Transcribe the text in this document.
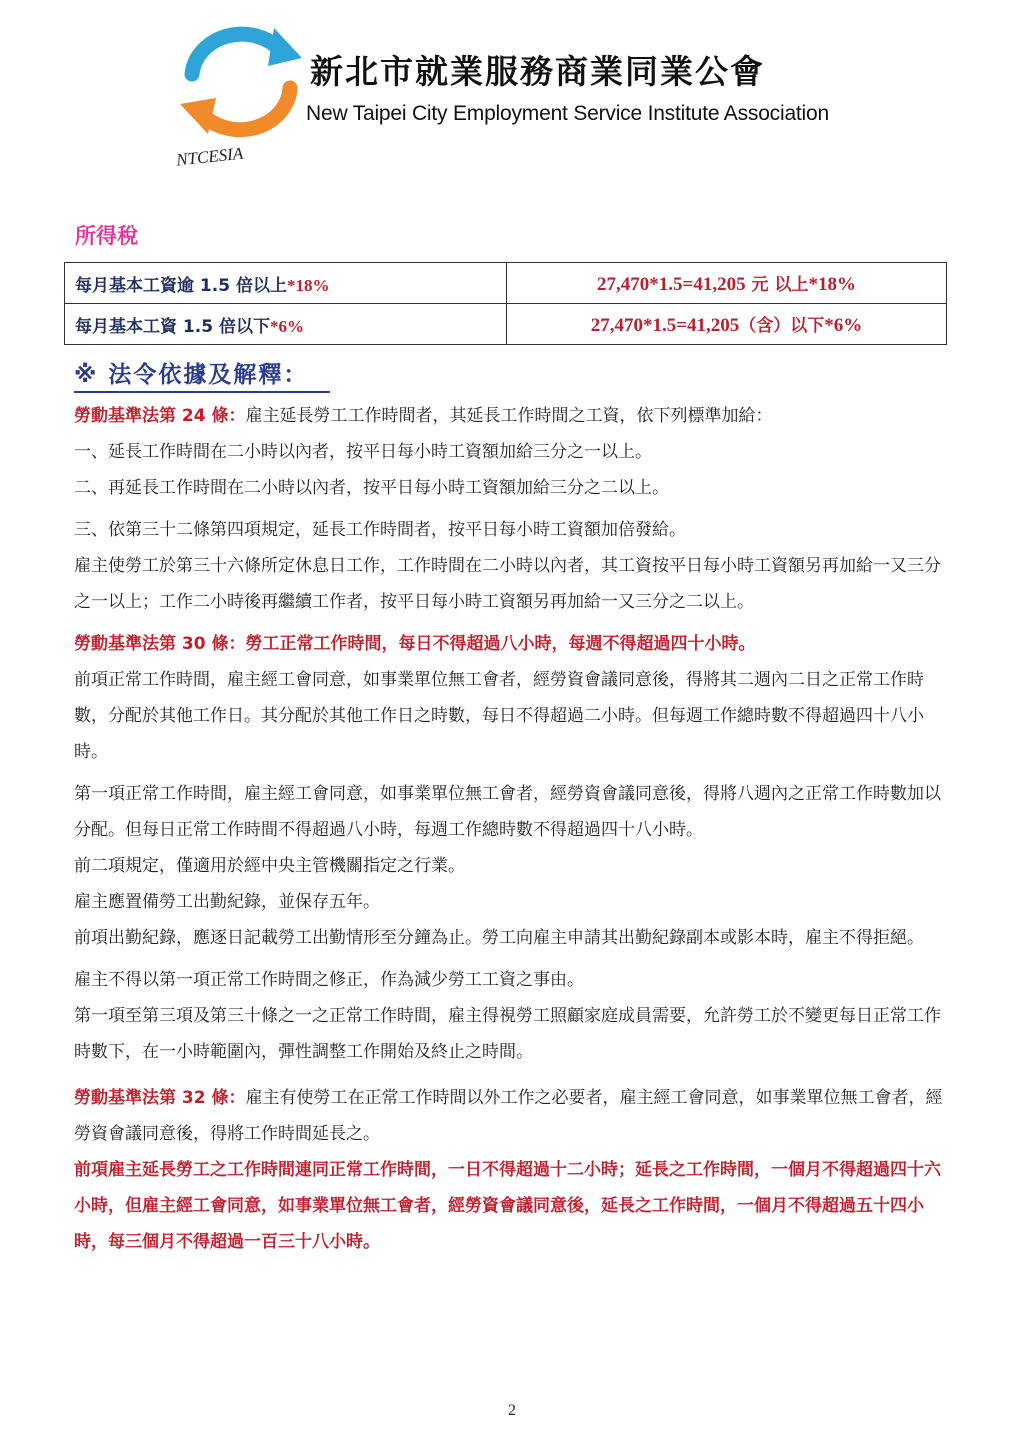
NTCESIA
新北市就業服務商業同業公會
New Taipei City Employment Service Institute Association
所得稅
每月基本工資逾 1.5 倍以上*18%	27,470*1.5=41,205 元 以上*18%
每月基本工資 1.5 倍以下*6%	27,470*1.5=41,205（含）以下*6%
※ 法令依據及解釋：

勞動基準法第 24 條：雇主延長勞工工作時間者，其延長工作時間之工資，依下列標準加給：

一、延長工作時間在二小時以內者，按平日每小時工資額加給三分之一以上。

二、再延長工作時間在二小時以內者，按平日每小時工資額加給三分之二以上。

三、依第三十二條第四項規定，延長工作時間者，按平日每小時工資額加倍發給。

雇主使勞工於第三十六條所定休息日工作，工作時間在二小時以內者，其工資按平日每小時工資額另再加給一又三分之一以上；工作二小時後再繼續工作者，按平日每小時工資額另再加給一又三分之二以上。

勞動基準法第 30 條：勞工正常工作時間，每日不得超過八小時，每週不得超過四十小時。

前項正常工作時間，雇主經工會同意，如事業單位無工會者，經勞資會議同意後，得將其二週內二日之正常工作時數，分配於其他工作日。其分配於其他工作日之時數，每日不得超過二小時。但每週工作總時數不得超過四十八小時。

第一項正常工作時間，雇主經工會同意，如事業單位無工會者，經勞資會議同意後，得將八週內之正常工作時數加以分配。但每日正常工作時間不得超過八小時，每週工作總時數不得超過四十八小時。

前二項規定，僅適用於經中央主管機關指定之行業。

雇主應置備勞工出勤紀錄，並保存五年。

前項出勤紀錄，應逐日記載勞工出勤情形至分鐘為止。勞工向雇主申請其出勤紀錄副本或影本時，雇主不得拒絕。

雇主不得以第一項正常工作時間之修正，作為減少勞工工資之事由。

第一項至第三項及第三十條之一之正常工作時間，雇主得視勞工照顧家庭成員需要，允許勞工於不變更每日正常工作時數下，在一小時範圍內，彈性調整工作開始及終止之時間。

勞動基準法第 32 條：雇主有使勞工在正常工作時間以外工作之必要者，雇主經工會同意，如事業單位無工會者，經勞資會議同意後，得將工作時間延長之。

前項雇主延長勞工之工作時間連同正常工作時間，一日不得超過十二小時；延長之工作時間，一個月不得超過四十六小時，但雇主經工會同意，如事業單位無工會者，經勞資會議同意後，延長之工作時間，一個月不得超過五十四小時，每三個月不得超過一百三十八小時。

2
